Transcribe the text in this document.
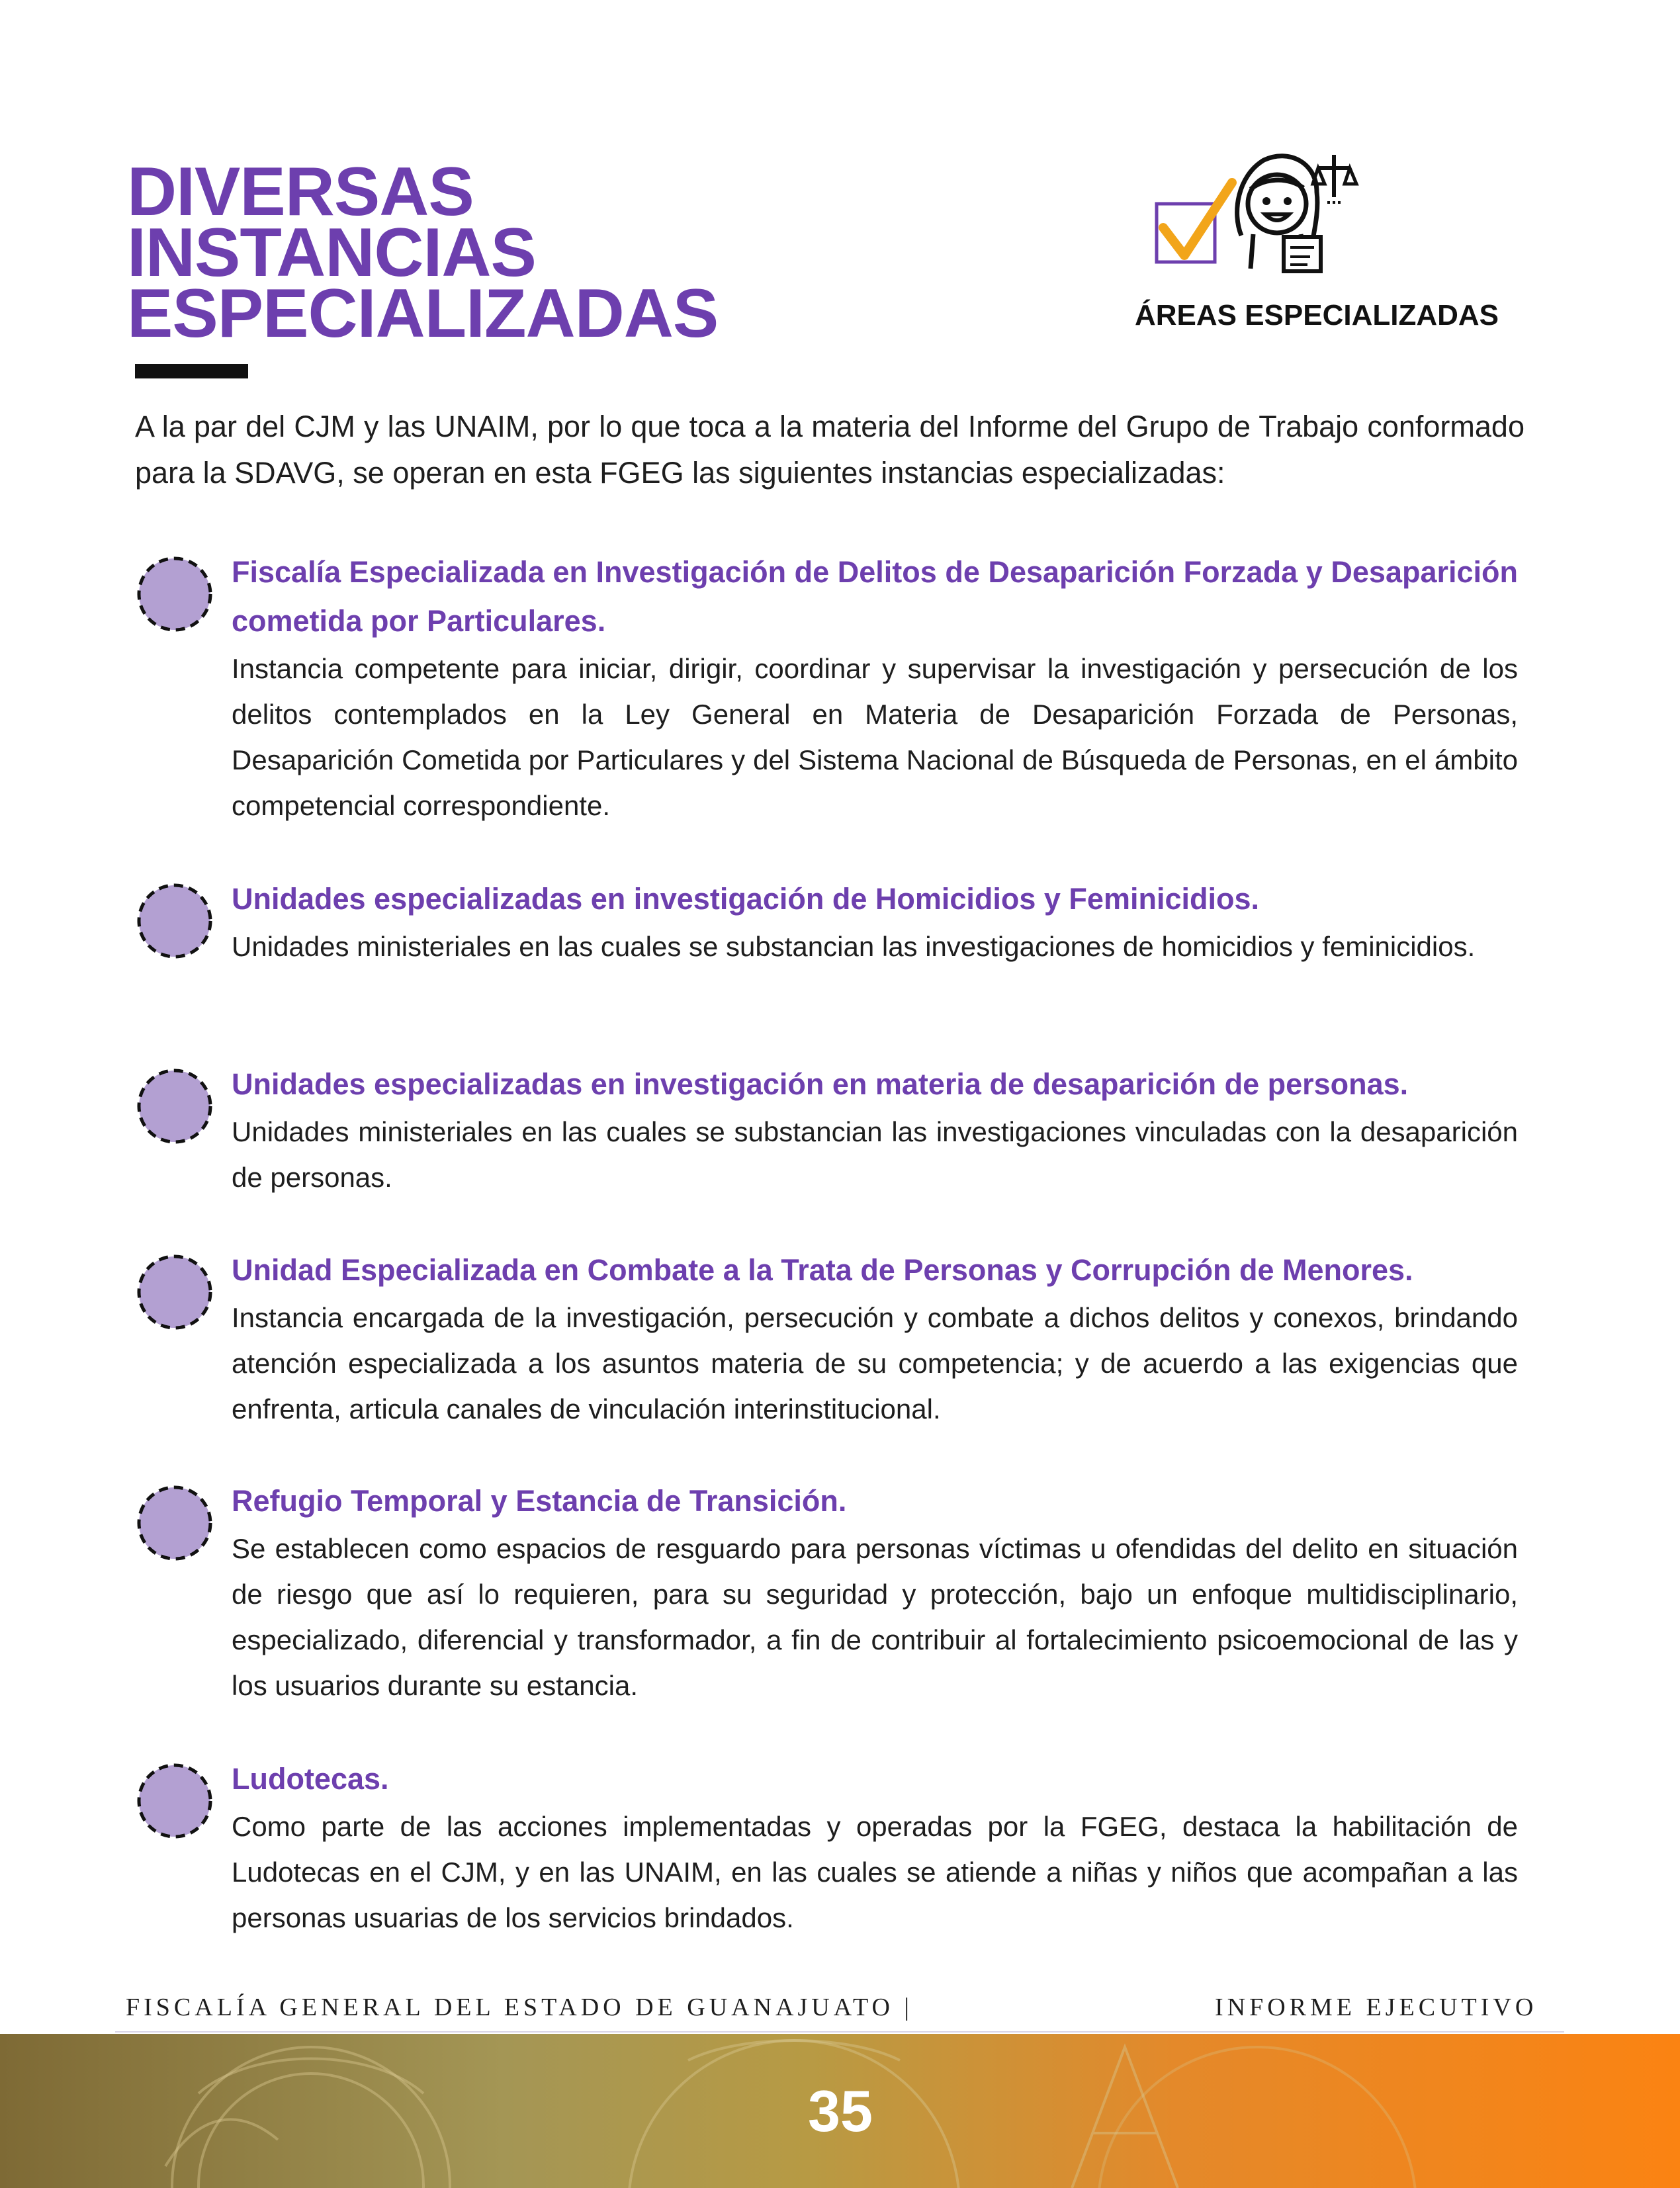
DIVERSAS
INSTANCIAS
ESPECIALIZADAS	ÁREAS ESPECIALIZADAS

A la par del CJM y las UNAIM, por lo que toca a la materia del Informe del Grupo de Trabajo conformado para la SDAVG, se operan en esta FGEG las siguientes instancias especializadas:

Fiscalía Especializada en Investigación de Delitos de Desaparición Forzada y Desaparición cometida por Particulares.

Instancia competente para iniciar, dirigir, coordinar y supervisar la investigación y persecución de los delitos contemplados en la Ley General en Materia de Desaparición Forzada de Personas, Desaparición Cometida por Particulares y del Sistema Nacional de Búsqueda de Personas, en el ámbito competencial correspondiente.

Unidades especializadas en investigación de Homicidios y Feminicidios.

Unidades ministeriales en las cuales se substancian las investigaciones de homicidios y feminicidios.

Unidades especializadas en investigación en materia de desaparición de personas.

Unidades ministeriales en las cuales se substancian las investigaciones vinculadas con la desaparición de personas.

Unidad Especializada en Combate a la Trata de Personas y Corrupción de Menores.

Instancia encargada de la investigación, persecución y combate a dichos delitos y conexos, brindando atención especializada a los asuntos materia de su competencia; y de acuerdo a las exigencias que enfrenta, articula canales de vinculación interinstitucional.

Refugio Temporal y Estancia de Transición.

Se establecen como espacios de resguardo para personas víctimas u ofendidas del delito en situación de riesgo que así lo requieren, para su seguridad y protección, bajo un enfoque multidisciplinario, especializado, diferencial y transformador, a fin de contribuir al fortalecimiento psicoemocional de las y los usuarios durante su estancia.

Ludotecas.

Como parte de las acciones implementadas y operadas por la FGEG, destaca la habilitación de Ludotecas en el CJM, y en las UNAIM, en las cuales se atiende a niñas y niños que acompañan a las personas usuarias de los servicios brindados.

FISCALÍA GENERAL DEL ESTADO DE GUANAJUATO |	INFORME EJECUTIVO
35
